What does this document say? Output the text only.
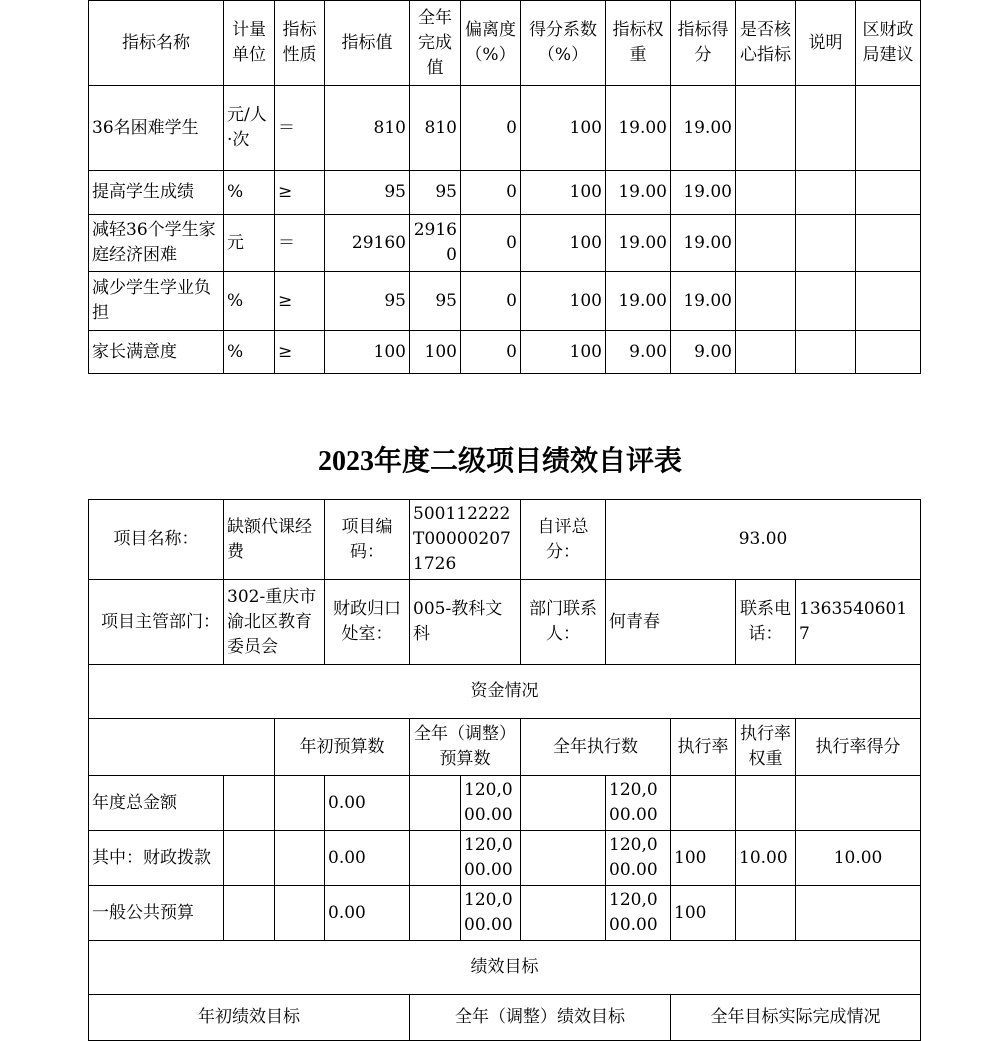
指标名称	计量单位	指标性质	指标值	全年完成值	偏离度（%）	得分系数（%）	指标权重	指标得分	是否核心指标	说明	区财政局建议
36名困难学生	元/人·次	＝	810	810	0	100	19.00	19.00			
提高学生成绩	%	≥	95	95	0	100	19.00	19.00			
减轻36个学生家庭经济困难	元	＝	29160	29160	0	100	19.00	19.00			
减少学生学业负担	%	≥	95	95	0	100	19.00	19.00			
家长满意度	%	≥	100	100	0	100	9.00	9.00			
2023年度二级项目绩效自评表
项目名称：	缺额代课经费		项目编码：	500112222T000002071726		自评总分：	93.00			
项目主管部门：	302-重庆市渝北区教育委员会		财政归口处室：	005-教科文科		部门联系人：	何青春		联系电话：	13635406017
资金情况										
		年初预算数		全年（调整）预算数		全年执行数		执行率	执行率权重	执行率得分
年度总金额			0.00		120,000.00		120,000.00			
其中：财政拨款			0.00		120,000.00		120,000.00	100	10.00	10.00
一般公共预算			0.00		120,000.00		120,000.00	100		
绩效目标										
年初绩效目标				全年（调整）绩效目标				全年目标实际完成情况		
